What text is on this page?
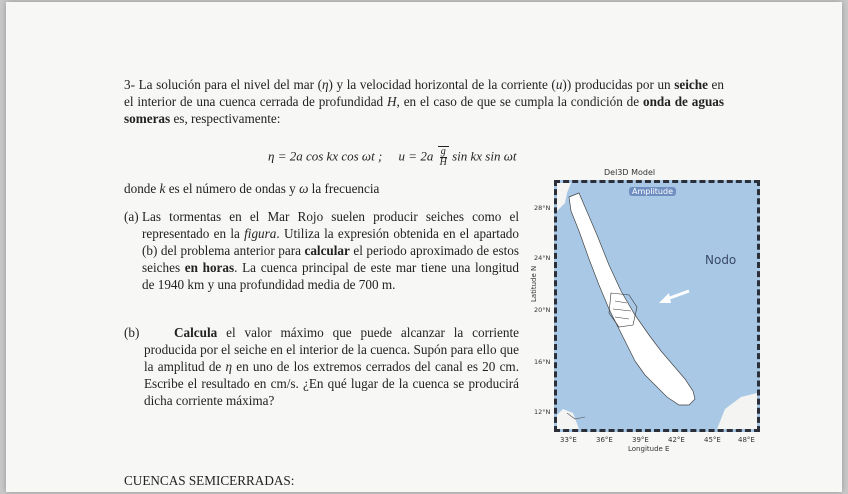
3- La solución para el nivel del mar (η) y la velocidad horizontal de la corriente (u)) producidas por un seiche en el interior de una cuenca cerrada de profundidad H, en el caso de que se cumpla la condición de onda de aguas someras es, respectivamente:
η = 2a cos kx cos ωt ; $u = 2a \frac{g}{H}$ sin kx sin ωt
donde k es el número de ondas y ω la frecuencia
(a) Las tormentas en el Mar Rojo suelen producir seiches como el representado en la figura. Utiliza la expresión obtenida en el apartado (b) del problema anterior para calcular el periodo aproximado de estos seiches en horas. La cuenca principal de este mar tiene una longitud de 1940 km y una profundidad media de 700 m.
(b)	Calcula el valor máximo que puede alcanzar la corriente producida por el seiche en el interior de la cuenca. Supón para ello que la amplitud de η en uno de los extremos cerrados del canal es 20 cm. Escribe el resultado en cm/s. ¿En qué lugar de la cuenca se producirá dicha corriente máxima?
CUENCAS SEMICERRADAS:
Del3D Model
Latitude N
28°N
24°N
20°N
16°N
12°N
Amplitude
Nodo
33°E	36°E	39°E	42°E	45°E 48°E
Longitude E
